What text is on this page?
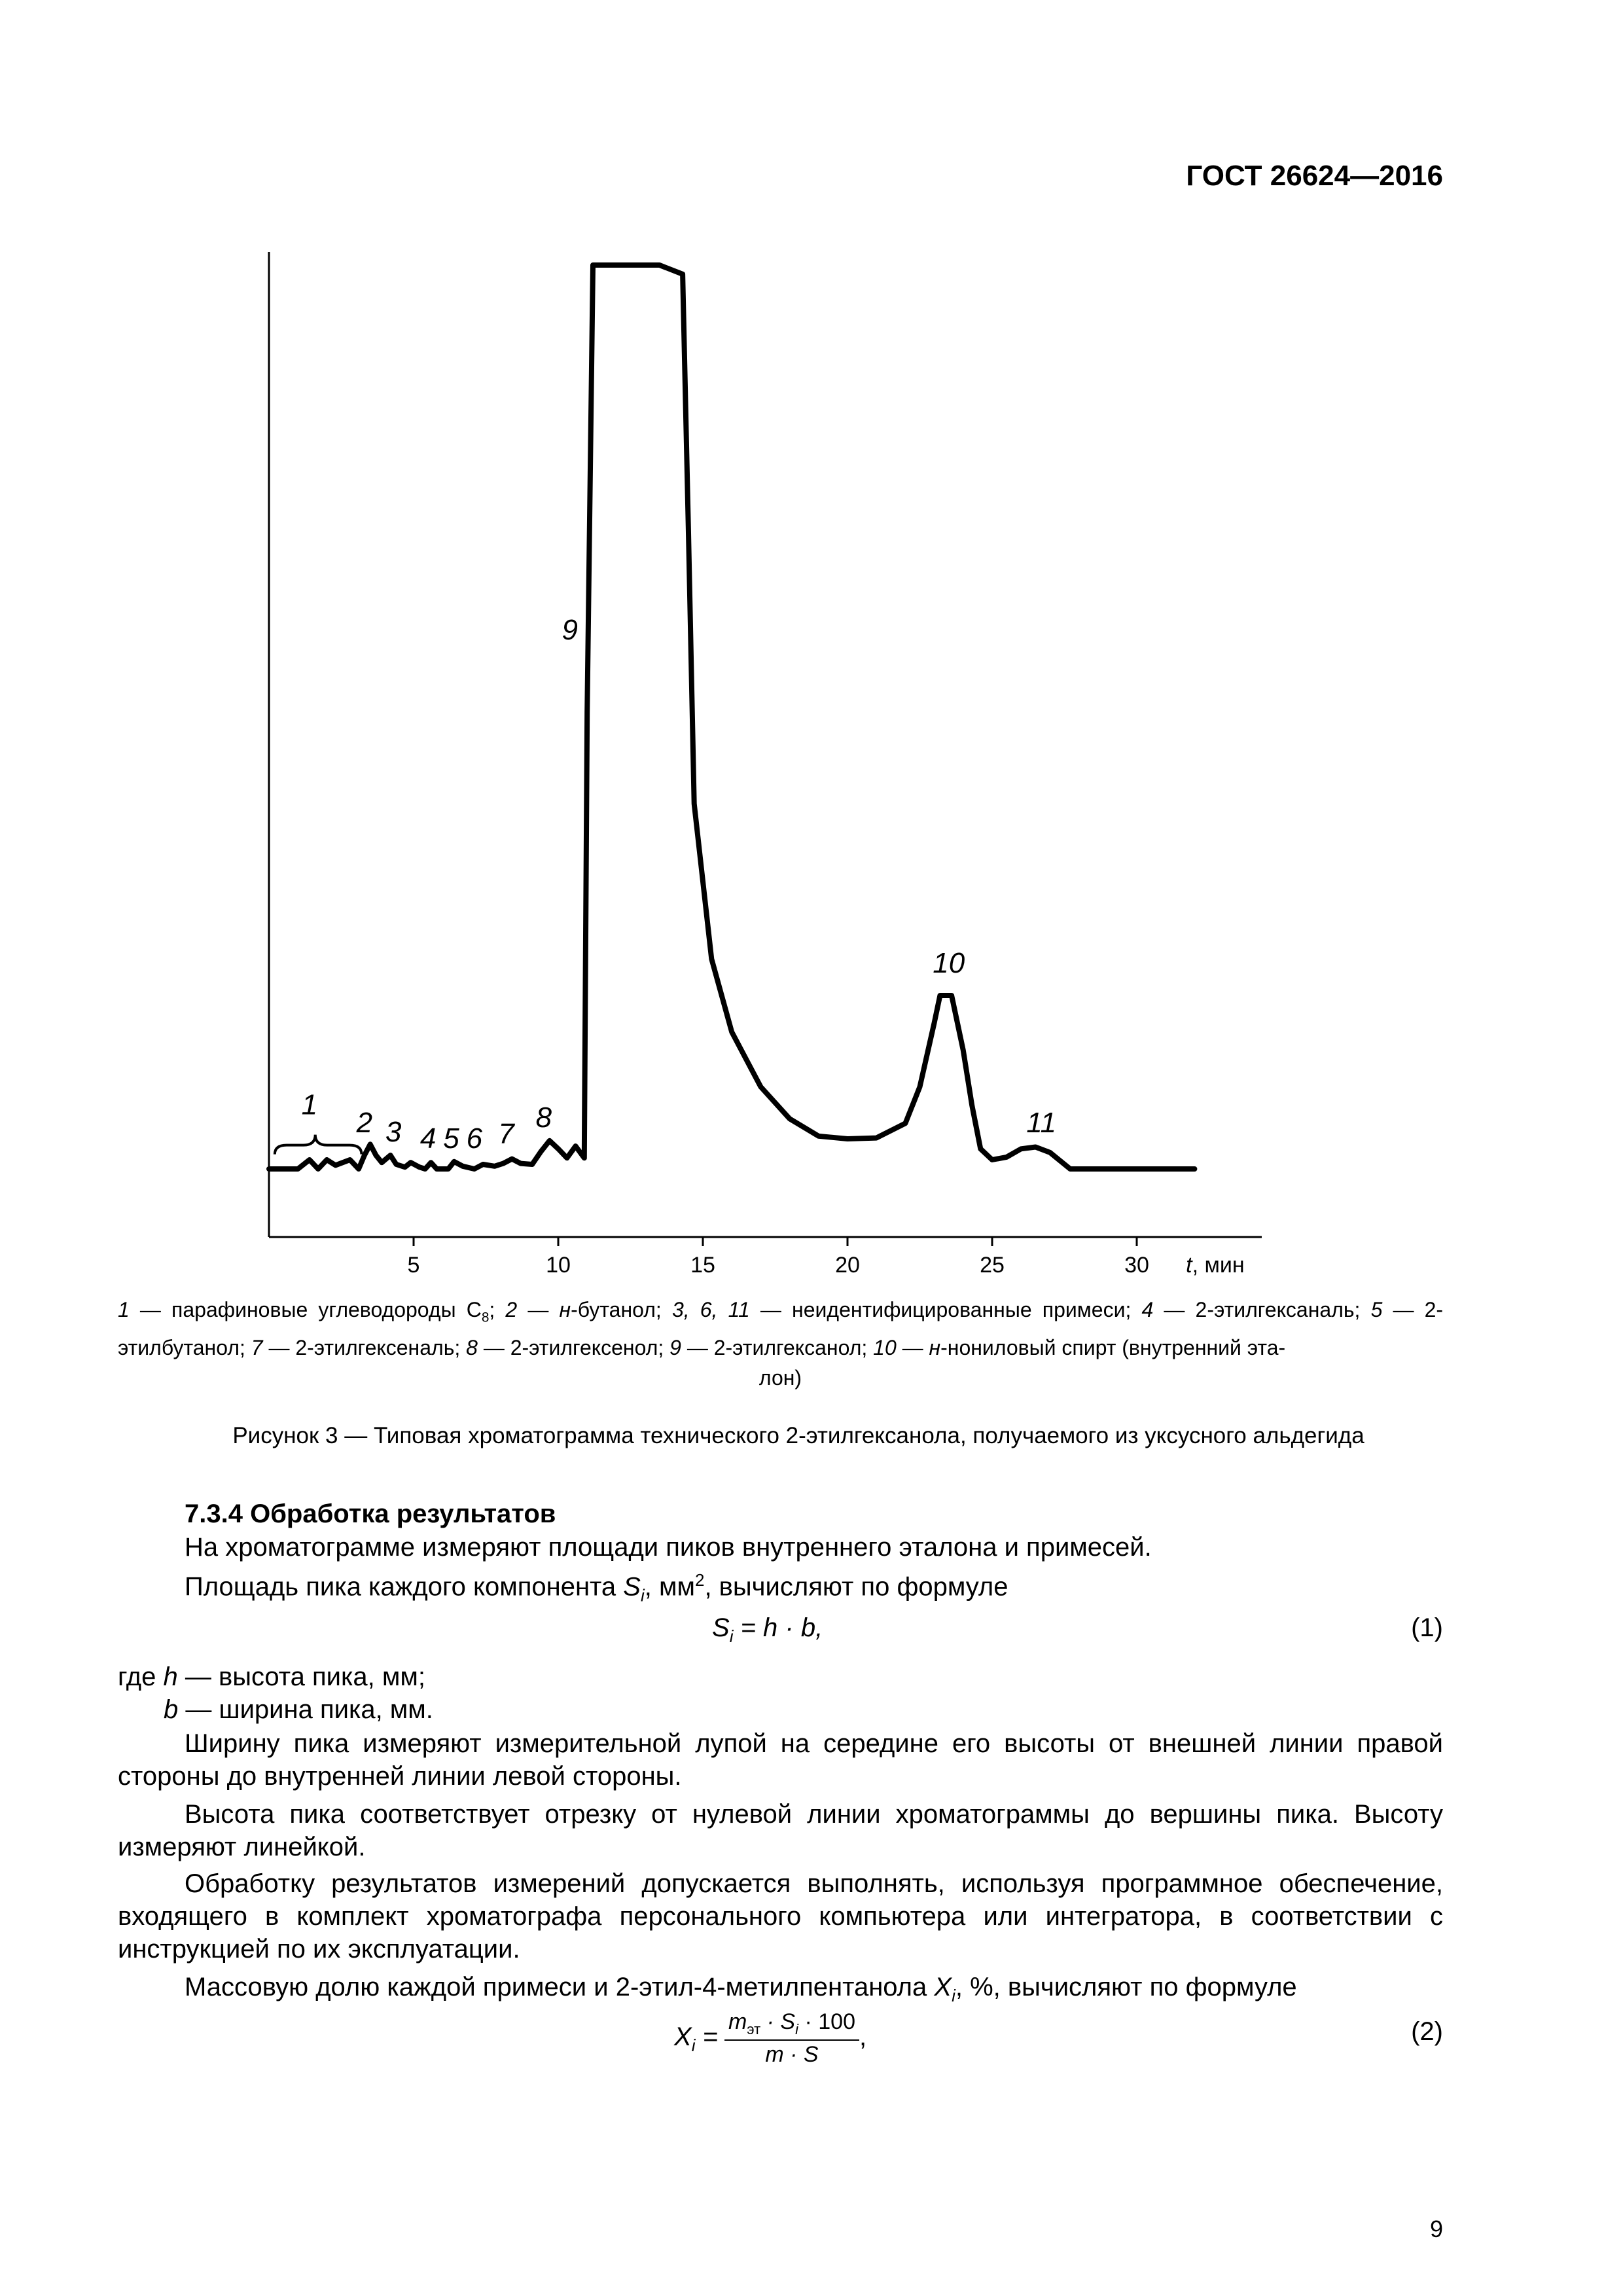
ГОСТ 26624—2016
5	10	15	20	25	30
1
2 3 4 5 6 7
8
9
10
11
t, мин
1 — парафиновые углеводороды $С_8$; 2 — н-бутанол; 3, 6, 11 — неидентифицированные примеси; 4 — 2-этилгексаналь; 5 — 2-этилбутанол; 7 — 2-этилгексеналь; 8 — 2-этилгексенол; 9 — 2-этилгексанол; 10 — н-нониловый спирт (внутренний эта-
лон)
Рисунок 3 — Типовая хроматограмма технического 2-этилгексанола, получаемого из уксусного альдегида
7.3.4 Обработка результатов
На хроматограмме измеряют площади пиков внутреннего эталона и примесей.
Площадь пика каждого компонента $S_i$, $мм^2$, вычисляют по формуле
$S_i = h \cdot b$,	(1)
где h — высота пика, мм;
b — ширина пика, мм.
Ширину пика измеряют измерительной лупой на середине его высоты от внешней линии правой стороны до внутренней линии левой стороны.
Высота пика соответствует отрезку от нулевой линии хроматограммы до вершины пика. Высоту измеряют линейкой.
Обработку результатов измерений допускается выполнять, используя программное обеспечение, входящего в комплект хроматографа персонального компьютера или интегратора, в соответствии с инструкцией по их эксплуатации.
Массовую долю каждой примеси и 2-этил-4-метилпентанола $X_i$, %, вычисляют по формуле
$X_i = \frac{m_{эт} \cdot S_i \cdot 100}{m \cdot S}$ ,	(2)
9
